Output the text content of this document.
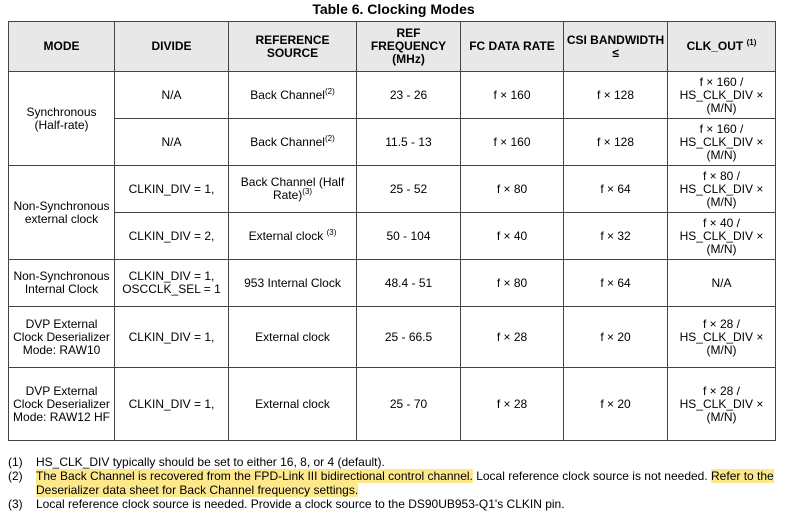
Table 6. Clocking Modes
MODE	DIVIDE	REFERENCE SOURCE	REF FREQUENCY (MHz)	FC DATA RATE	CSI BANDWIDTH ≤	CLK_OUT $^{(1)}$
Synchronous (Half-rate)	N/A	Back Channel$^{(2)}$	23 - 26	f × 160	f × 128	f × 160 / HS_CLK_DIV × (M/N)
	N/A	Back Channel$^{(2)}$	11.5 - 13	f × 160	f × 128	f × 160 / HS_CLK_DIV × (M/N)
Non-Synchronous external clock	CLKIN_DIV = 1,	Back Channel (Half Rate)$^{(3)}$	25 - 52	f × 80	f × 64	f × 80 / HS_CLK_DIV × (M/N)
	CLKIN_DIV = 2,	External clock $^{(3)}$	50 - 104	f × 40	f × 32	f × 40 / HS_CLK_DIV × (M/N)
Non-Synchronous Internal Clock	CLKIN_DIV = 1, OSCCLK_SEL = 1	953 Internal Clock	48.4 - 51	f × 80	f × 64	N/A
DVP External Clock Deserializer Mode: RAW10	CLKIN_DIV = 1,	External clock	25 - 66.5	f × 28	f × 20	f × 28 / HS_CLK_DIV × (M/N)
DVP External Clock Deserializer Mode: RAW12 HF	CLKIN_DIV = 1,	External clock	25 - 70	f × 28	f × 20	f × 28 / HS_CLK_DIV × (M/N)
(1)	HS_CLK_DIV typically should be set to either 16, 8, or 4 (default).
(2)	The Back Channel is recovered from the FPD-Link III bidirectional control channel. Local reference clock source is not needed. Refer to the Deserializer data sheet for Back Channel frequency settings.
(3)	Local reference clock source is needed. Provide a clock source to the DS90UB953-Q1's CLKIN pin.
